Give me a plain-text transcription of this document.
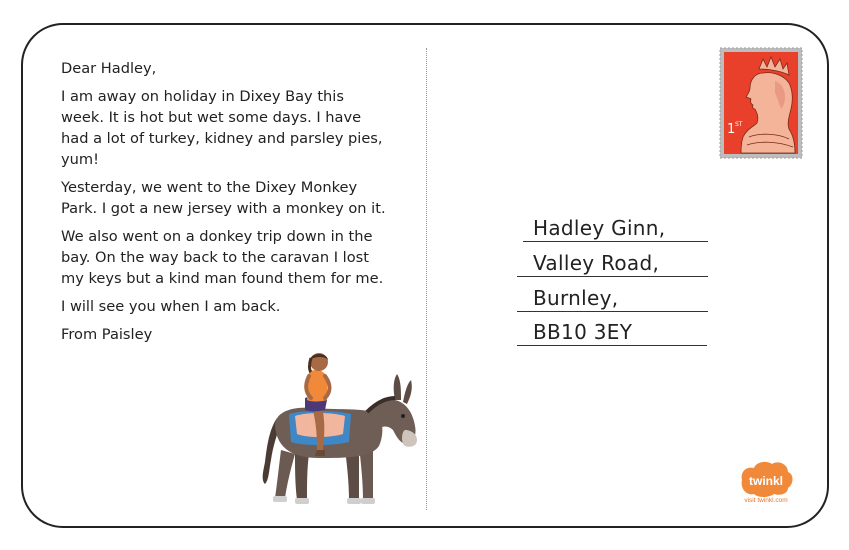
Dear Hadley,

I am away on holiday in Dixey Bay this week. It is hot but wet some days. I have had a lot of turkey, kidney and parsley pies, yum!

Yesterday, we went to the Dixey Monkey Park. I got a new jersey with a monkey on it.

We also went on a donkey trip down in the bay. On the way back to the caravan I lost my keys but a kind man found them for me.

I will see you when I am back.

From Paisley

Hadley Ginn,
Valley Road,
Burnley,
BB10 3EY
1 ST
twinkl
visit twinkl.com
